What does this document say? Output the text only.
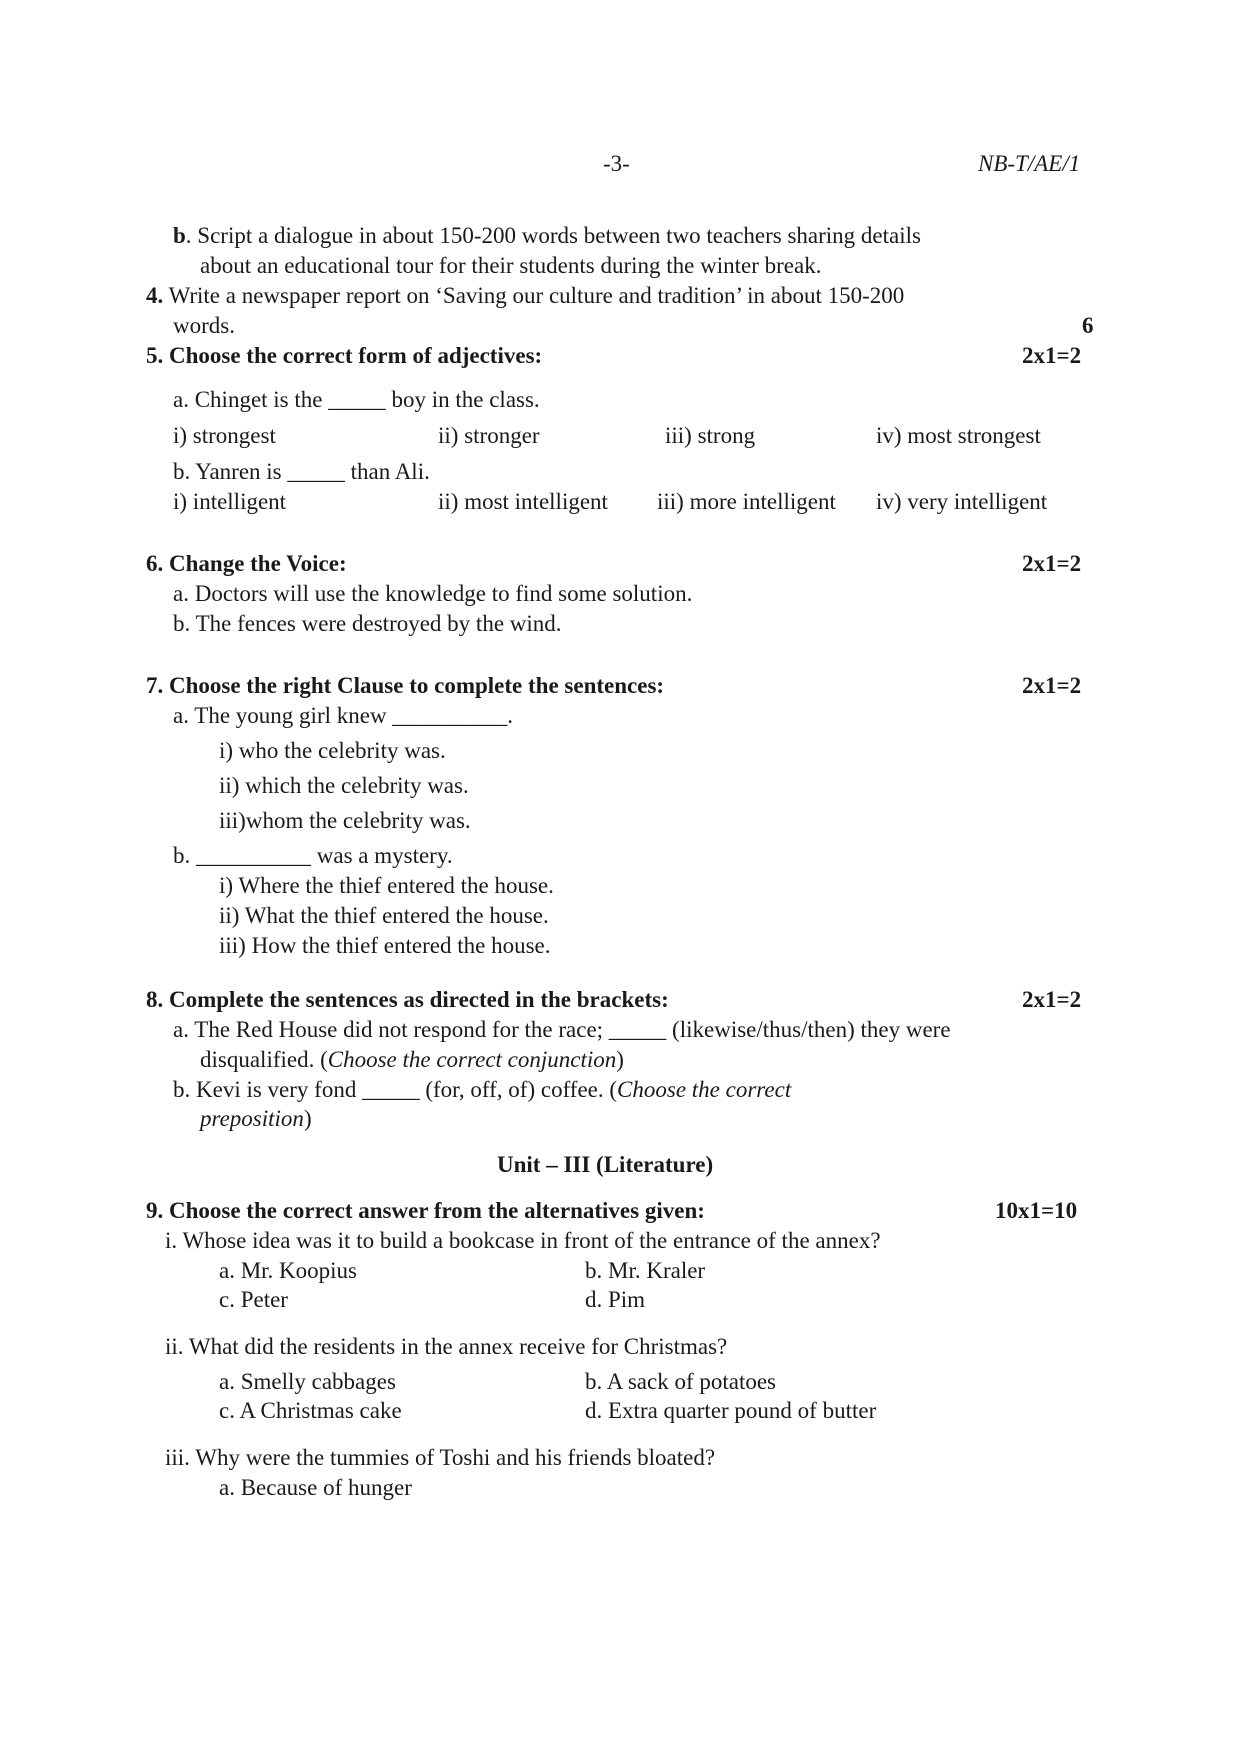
-3-	NB-T/AE/1
b. Script a dialogue in about 150-200 words between two teachers sharing details
about an educational tour for their students during the winter break.
4. Write a newspaper report on ‘Saving our culture and tradition’ in about 150-200
words.	6
5. Choose the correct form of adjectives:	2x1=2
a. Chinget is the _____ boy in the class.
i) strongest	ii) stronger	iii) strong	iv) most strongest
b. Yanren is _____ than Ali.
i) intelligent	ii) most intelligent iii) more intelligent iv) very intelligent
6. Change the Voice:	2x1=2
a. Doctors will use the knowledge to find some solution.
b. The fences were destroyed by the wind.
7. Choose the right Clause to complete the sentences:	2x1=2
a. The young girl knew __________.
i) who the celebrity was.
ii) which the celebrity was.
iii)whom the celebrity was.
b. __________ was a mystery.
i) Where the thief entered the house.
ii) What the thief entered the house.
iii) How the thief entered the house.
8. Complete the sentences as directed in the brackets:	2x1=2
a. The Red House did not respond for the race; _____ (likewise/thus/then) they were
disqualified. (Choose the correct conjunction)
b. Kevi is very fond _____ (for, off, of) coffee. (Choose the correct
preposition)
Unit – III (Literature)
9. Choose the correct answer from the alternatives given:	10x1=10
i. Whose idea was it to build a bookcase in front of the entrance of the annex?
a. Mr. Koopius	b. Mr. Kraler
c. Peter	d. Pim
ii. What did the residents in the annex receive for Christmas?
a. Smelly cabbages	b. A sack of potatoes
c. A Christmas cake	d. Extra quarter pound of butter
iii. Why were the tummies of Toshi and his friends bloated?
a. Because of hunger
